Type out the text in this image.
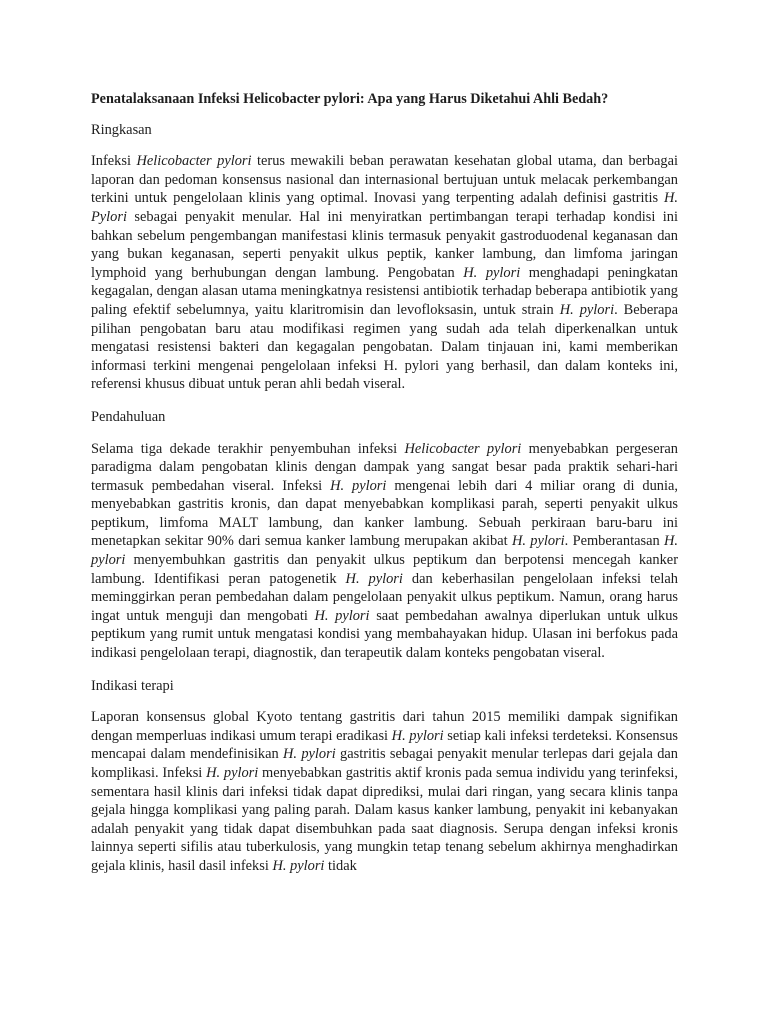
Penatalaksanaan Infeksi Helicobacter pylori: Apa yang Harus Diketahui Ahli Bedah?
Ringkasan
Infeksi Helicobacter pylori terus mewakili beban perawatan kesehatan global utama, dan berbagai laporan dan pedoman konsensus nasional dan internasional bertujuan untuk melacak perkembangan terkini untuk pengelolaan klinis yang optimal. Inovasi yang terpenting adalah definisi gastritis H. Pylori sebagai penyakit menular. Hal ini menyiratkan pertimbangan terapi terhadap kondisi ini bahkan sebelum pengembangan manifestasi klinis termasuk penyakit gastroduodenal keganasan dan yang bukan keganasan, seperti penyakit ulkus peptik, kanker lambung, dan limfoma jaringan lymphoid yang berhubungan dengan lambung. Pengobatan H. pylori menghadapi peningkatan kegagalan, dengan alasan utama meningkatnya resistensi antibiotik terhadap beberapa antibiotik yang paling efektif sebelumnya, yaitu klaritromisin dan levofloksasin, untuk strain H. pylori. Beberapa pilihan pengobatan baru atau modifikasi regimen yang sudah ada telah diperkenalkan untuk mengatasi resistensi bakteri dan kegagalan pengobatan. Dalam tinjauan ini, kami memberikan informasi terkini mengenai pengelolaan infeksi H. pylori yang berhasil, dan dalam konteks ini, referensi khusus dibuat untuk peran ahli bedah viseral.
Pendahuluan
Selama tiga dekade terakhir penyembuhan infeksi Helicobacter pylori menyebabkan pergeseran paradigma dalam pengobatan klinis dengan dampak yang sangat besar pada praktik sehari-hari termasuk pembedahan viseral. Infeksi H. pylori mengenai lebih dari 4 miliar orang di dunia, menyebabkan gastritis kronis, dan dapat menyebabkan komplikasi parah, seperti penyakit ulkus peptikum, limfoma MALT lambung, dan kanker lambung. Sebuah perkiraan baru-baru ini menetapkan sekitar 90% dari semua kanker lambung merupakan akibat H. pylori. Pemberantasan H. pylori menyembuhkan gastritis dan penyakit ulkus peptikum dan berpotensi mencegah kanker lambung. Identifikasi peran patogenetik H. pylori dan keberhasilan pengelolaan infeksi telah meminggirkan peran pembedahan dalam pengelolaan penyakit ulkus peptikum. Namun, orang harus ingat untuk menguji dan mengobati H. pylori saat pembedahan awalnya diperlukan untuk ulkus peptikum yang rumit untuk mengatasi kondisi yang membahayakan hidup. Ulasan ini berfokus pada indikasi pengelolaan terapi, diagnostik, dan terapeutik dalam konteks pengobatan viseral.
Indikasi terapi
Laporan konsensus global Kyoto tentang gastritis dari tahun 2015 memiliki dampak signifikan dengan memperluas indikasi umum terapi eradikasi H. pylori setiap kali infeksi terdeteksi. Konsensus mencapai dalam mendefinisikan H. pylori gastritis sebagai penyakit menular terlepas dari gejala dan komplikasi. Infeksi H. pylori menyebabkan gastritis aktif kronis pada semua individu yang terinfeksi, sementara hasil klinis dari infeksi tidak dapat diprediksi, mulai dari ringan, yang secara klinis tanpa gejala hingga komplikasi yang paling parah. Dalam kasus kanker lambung, penyakit ini kebanyakan adalah penyakit yang tidak dapat disembuhkan pada saat diagnosis. Serupa dengan infeksi kronis lainnya seperti sifilis atau tuberkulosis, yang mungkin tetap tenang sebelum akhirnya menghadirkan gejala klinis, hasil dasil infeksi H. pylori tidak
